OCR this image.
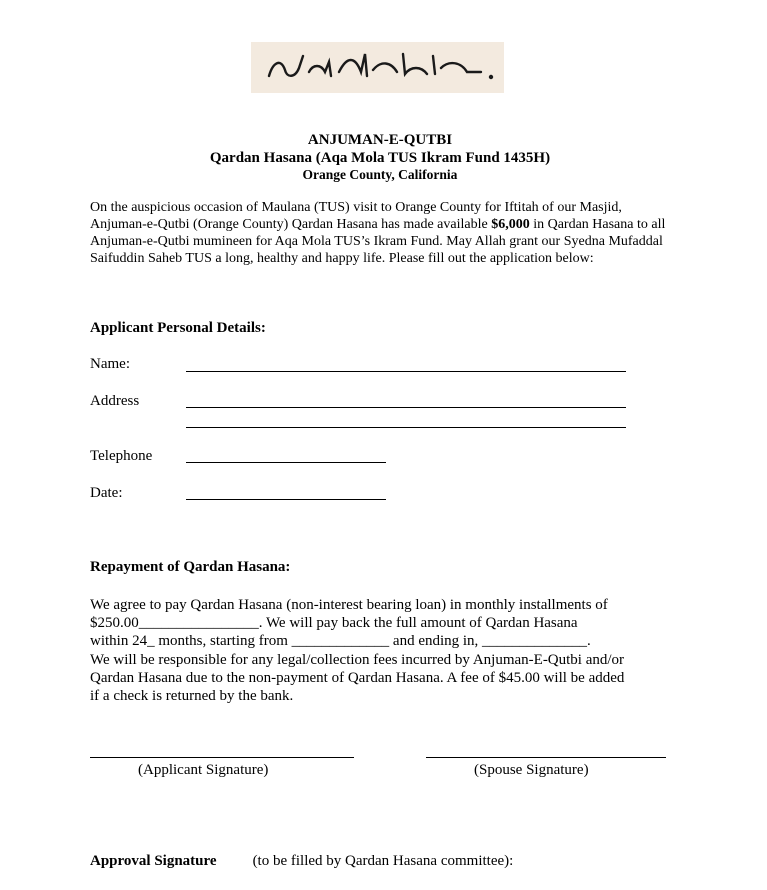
ANJUMAN-E-QUTBI
Qardan Hasana (Aqa Mola TUS Ikram Fund 1435H)
Orange County, California
On the auspicious occasion of Maulana (TUS) visit to Orange County for Iftitah of our Masjid, Anjuman-e-Qutbi (Orange County) Qardan Hasana has made available $6,000 in Qardan Hasana to all Anjuman-e-Qutbi mumineen for Aqa Mola TUS’s Ikram Fund. May Allah grant our Syedna Mufaddal Saifuddin Saheb TUS a long, healthy and happy life. Please fill out the application below:
Applicant Personal Details:
Name:
Address
Telephone
Date:
Repayment of Qardan Hasana:
We agree to pay Qardan Hasana (non-interest bearing loan) in monthly installments of
$250.00________________. We will pay back the full amount of Qardan Hasana
within 24_ months, starting from _____________ and ending in, ______________.
We will be responsible for any legal/collection fees incurred by Anjuman-E-Qutbi and/or
Qardan Hasana due to the non-payment of Qardan Hasana. A fee of $45.00 will be added
if a check is returned by the bank.
(Applicant Signature)	(Spouse Signature)
Approval Signature (to be filled by Qardan Hasana committee):
